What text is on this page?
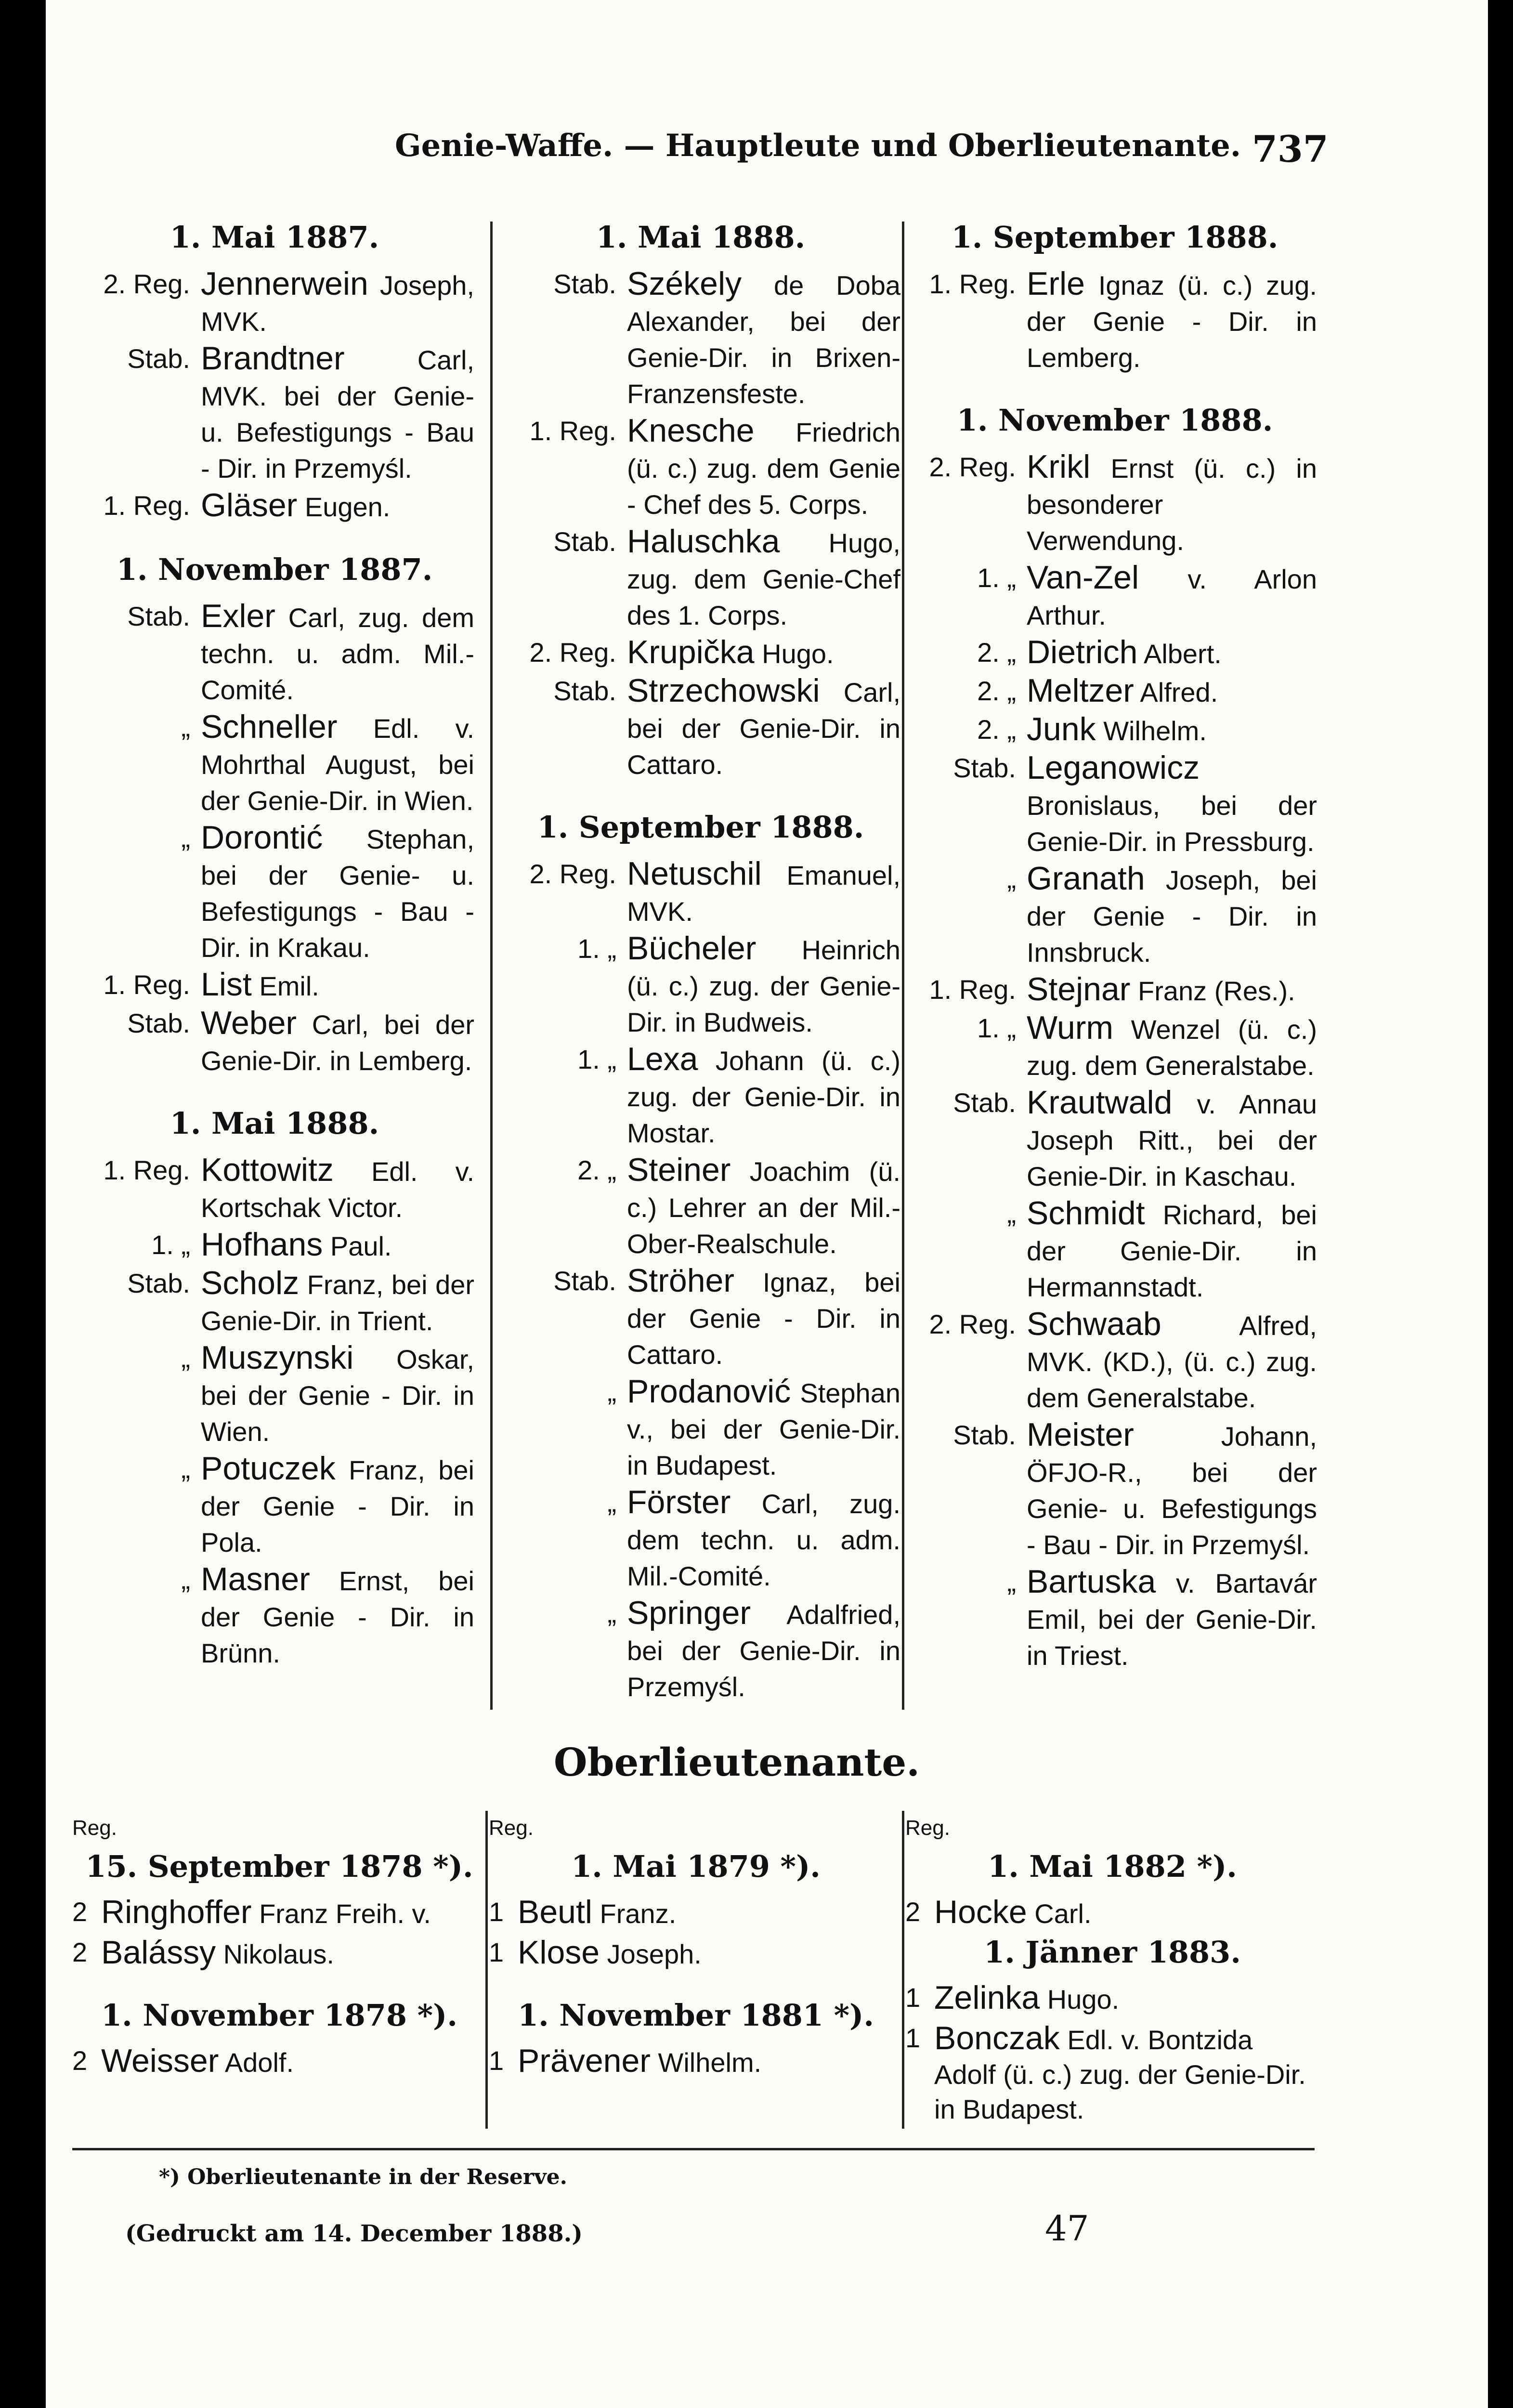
Genie-Waffe. — Hauptleute und Oberlieutenante. 737
1. Mai 1887.
2. Reg. Jennerwein Joseph, MVK.
Stab. Brandtner Carl, MVK. bei der Genie- u. Befestigungs - Bau - Dir. in Przemyśl.
1. Reg. Gläser Eugen.
1. November 1887.
Stab. Exler Carl, zug. dem techn. u. adm. Mil.-Comité.
„ Schneller Edl. v. Mohrthal August, bei der Genie-Dir. in Wien.
„ Dorontić Stephan, bei der Genie- u. Befestigungs - Bau - Dir. in Krakau.
1. Reg. List Emil.
Stab. Weber Carl, bei der Genie-Dir. in Lemberg.
1. Mai 1888.
1. Reg. Kottowitz Edl. v. Kortschak Victor.
1. „ Hofhans Paul.
Stab. Scholz Franz, bei der Genie-Dir. in Trient.
„ Muszynski Oskar, bei der Genie - Dir. in Wien.
„ Potuczek Franz, bei der Genie - Dir. in Pola.
„ Masner Ernst, bei der Genie - Dir. in Brünn.
1. Mai 1888.
Stab. Székely de Doba Alexander, bei der Genie-Dir. in Brixen-Franzensfeste.
1. Reg. Knesche Friedrich (ü. c.) zug. dem Genie - Chef des 5. Corps.
Stab. Haluschka Hugo, zug. dem Genie-Chef des 1. Corps.
2. Reg. Krupička Hugo.
Stab. Strzechowski Carl, bei der Genie-Dir. in Cattaro.
1. September 1888.
2. Reg. Netuschil Emanuel, MVK.
1. „ Bücheler Heinrich (ü. c.) zug. der Genie-Dir. in Budweis.
1. „ Lexa Johann (ü. c.) zug. der Genie-Dir. in Mostar.
2. „ Steiner Joachim (ü. c.) Lehrer an der Mil.-Ober-Realschule.
Stab. Ströher Ignaz, bei der Genie - Dir. in Cattaro.
„ Prodanović Stephan v., bei der Genie-Dir. in Budapest.
„ Förster Carl, zug. dem techn. u. adm. Mil.-Comité.
„ Springer Adalfried, bei der Genie-Dir. in Przemyśl.
1. September 1888.
1. Reg. Erle Ignaz (ü. c.) zug. der Genie - Dir. in Lemberg.
1. November 1888.
2. Reg. Krikl Ernst (ü. c.) in besonderer Verwendung.
1. „ Van-Zel v. Arlon Arthur.
2. „ Dietrich Albert.
2. „ Meltzer Alfred.
2. „ Junk Wilhelm.
Stab. Leganowicz Bronislaus, bei der Genie-Dir. in Pressburg.
„ Granath Joseph, bei der Genie - Dir. in Innsbruck.
1. Reg. Stejnar Franz (Res.).
1. „ Wurm Wenzel (ü. c.) zug. dem Generalstabe.
Stab. Krautwald v. Annau Joseph Ritt., bei der Genie-Dir. in Kaschau.
„ Schmidt Richard, bei der Genie-Dir. in Hermannstadt.
2. Reg. Schwaab Alfred, MVK. (KD.), (ü. c.) zug. dem Generalstabe.
Stab. Meister Johann, ÖFJO-R., bei der Genie- u. Befestigungs - Bau - Dir. in Przemyśl.
„ Bartuska v. Bartavár Emil, bei der Genie-Dir. in Triest.
Oberlieutenante.
Reg.
15. September 1878 *).
2 Ringhoffer Franz Freih. v.
2 Balássy Nikolaus.
1. November 1878 *).
2 Weisser Adolf.
Reg.
1. Mai 1879 *).
1 Beutl Franz.
1 Klose Joseph.
1. November 1881 *).
1 Prävener Wilhelm.
Reg.
1. Mai 1882 *).
2 Hocke Carl.
1. Jänner 1883.
1 Zelinka Hugo.
1 Bonczak Edl. v. Bontzida Adolf (ü. c.) zug. der Genie-Dir. in Budapest.
*) Oberlieutenante in der Reserve.
(Gedruckt am 14. December 1888.)	47
